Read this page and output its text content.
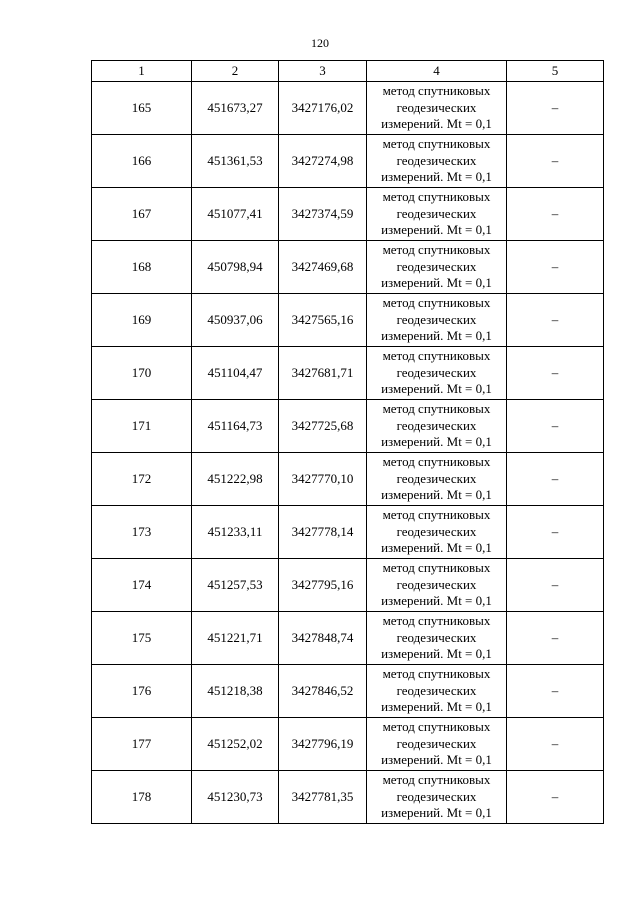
120
1	2	3	4	5
165	451673,27	3427176,02	метод спутниковых
геодезических
измерений. Mt = 0,1	–
166	451361,53	3427274,98	метод спутниковых
геодезических
измерений. Mt = 0,1	–
167	451077,41	3427374,59	метод спутниковых
геодезических
измерений. Mt = 0,1	–
168	450798,94	3427469,68	метод спутниковых
геодезических
измерений. Mt = 0,1	–
169	450937,06	3427565,16	метод спутниковых
геодезических
измерений. Mt = 0,1	–
170	451104,47	3427681,71	метод спутниковых
геодезических
измерений. Mt = 0,1	–
171	451164,73	3427725,68	метод спутниковых
геодезических
измерений. Mt = 0,1	–
172	451222,98	3427770,10	метод спутниковых
геодезических
измерений. Mt = 0,1	–
173	451233,11	3427778,14	метод спутниковых
геодезических
измерений. Mt = 0,1	–
174	451257,53	3427795,16	метод спутниковых
геодезических
измерений. Mt = 0,1	–
175	451221,71	3427848,74	метод спутниковых
геодезических
измерений. Mt = 0,1	–
176	451218,38	3427846,52	метод спутниковых
геодезических
измерений. Mt = 0,1	–
177	451252,02	3427796,19	метод спутниковых
геодезических
измерений. Mt = 0,1	–
178	451230,73	3427781,35	метод спутниковых
геодезических
измерений. Mt = 0,1	–
